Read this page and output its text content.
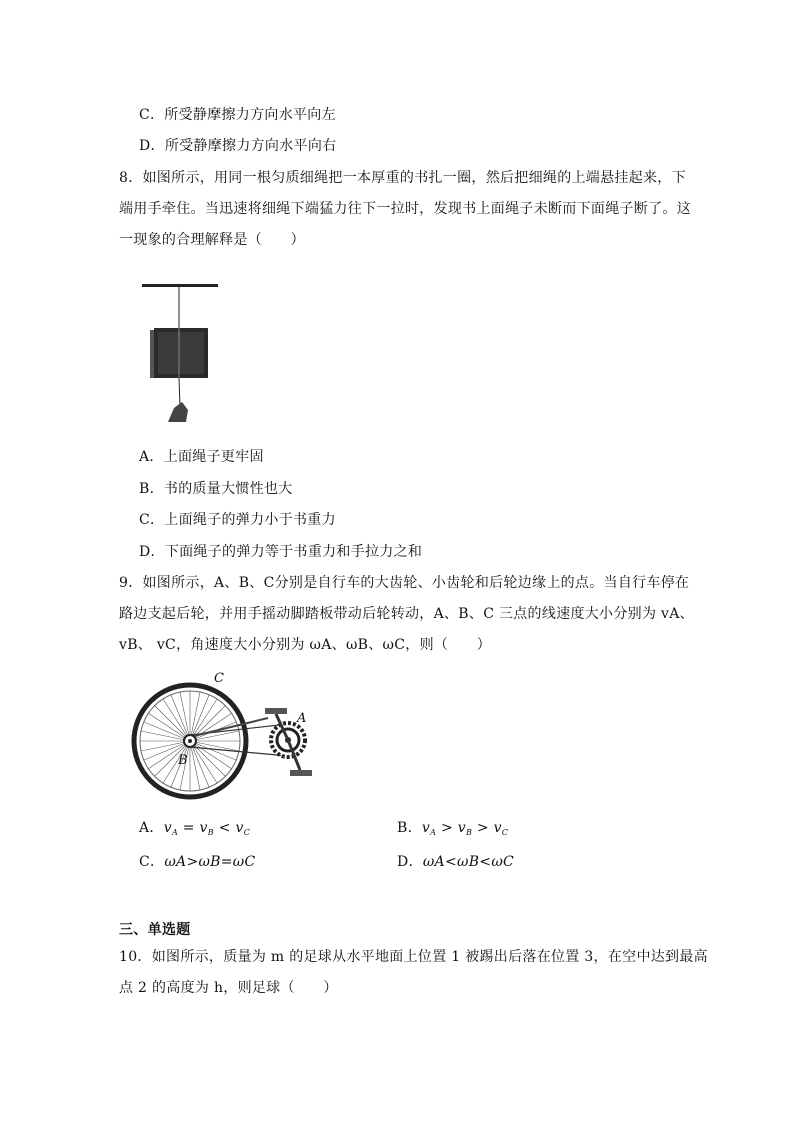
C．所受静摩擦力方向水平向左
D．所受静摩擦力方向水平向右
8．如图所示，用同一根匀质细绳把一本厚重的书扎一圈，然后把细绳的上端悬挂起来，下
端用手牵住。当迅速将细绳下端猛力往下一拉时，发现书上面绳子未断而下面绳子断了。这
一现象的合理解释是（　　）
A．上面绳子更牢固
B．书的质量大惯性也大
C．上面绳子的弹力小于书重力
D．下面绳子的弹力等于书重力和手拉力之和
9．如图所示，A、B、C分别是自行车的大齿轮、小齿轮和后轮边缘上的点。当自行车停在
路边支起后轮，并用手摇动脚踏板带动后轮转动，A、B、C 三点的线速度大小分别为 vA、
vB、 vC，角速度大小分别为 ωA、ωB、ωC，则（　　）
C
A
B
A．$v_A = v_B < v_C$	B．$v_A > v_B > v_C$
C．ωA>ωB=ωC	D．ωA<ωB<ωC
三、单选题
10．如图所示，质量为 m 的足球从水平地面上位置 1 被踢出后落在位置 3，在空中达到最高
点 2 的高度为 h，则足球（　　）
